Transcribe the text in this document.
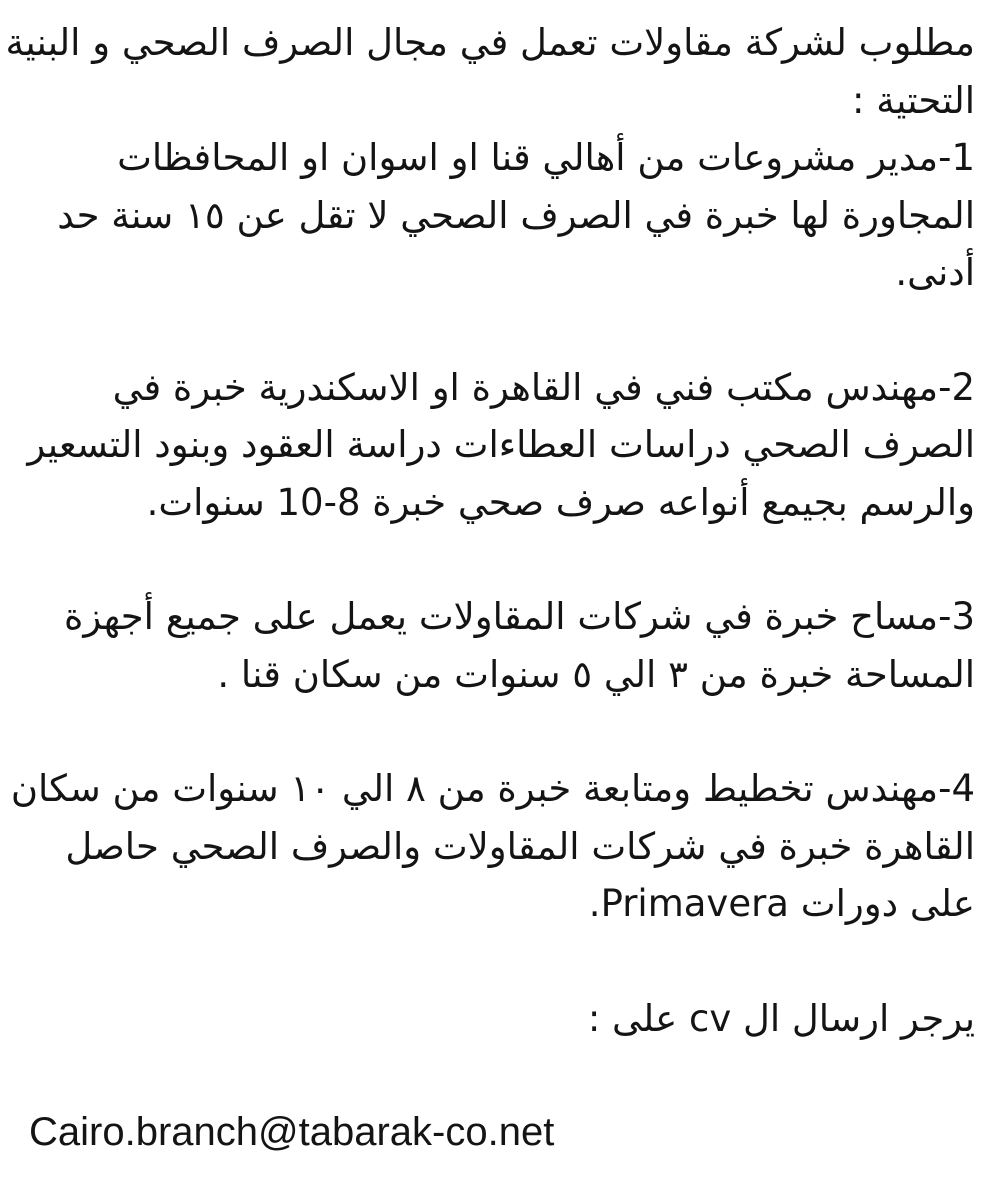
مطلوب لشركة مقاولات تعمل في مجال الصرف الصحي و البنية
التحتية :

1-مدير مشروعات من أهالي قنا او اسوان او المحافظات
المجاورة لها خبرة في الصرف الصحي لا تقل عن ١٥ سنة حد
أدنى.

2-مهندس مكتب فني في القاهرة او الاسكندرية خبرة في
الصرف الصحي دراسات العطاءات دراسة العقود وبنود التسعير
والرسم بجيمع أنواعه صرف صحي خبرة 8-10 سنوات.

3-مساح خبرة في شركات المقاولات يعمل على جميع أجهزة
المساحة خبرة من ٣ الي ٥ سنوات من سكان قنا .

4-مهندس تخطيط ومتابعة خبرة من ٨ الي ١٠ سنوات من سكان
القاهرة خبرة في شركات المقاولات والصرف الصحي حاصل
على دورات Primavera.

يرجر ارسال ال cv على :

Cairo.branch@tabarak-co.net
